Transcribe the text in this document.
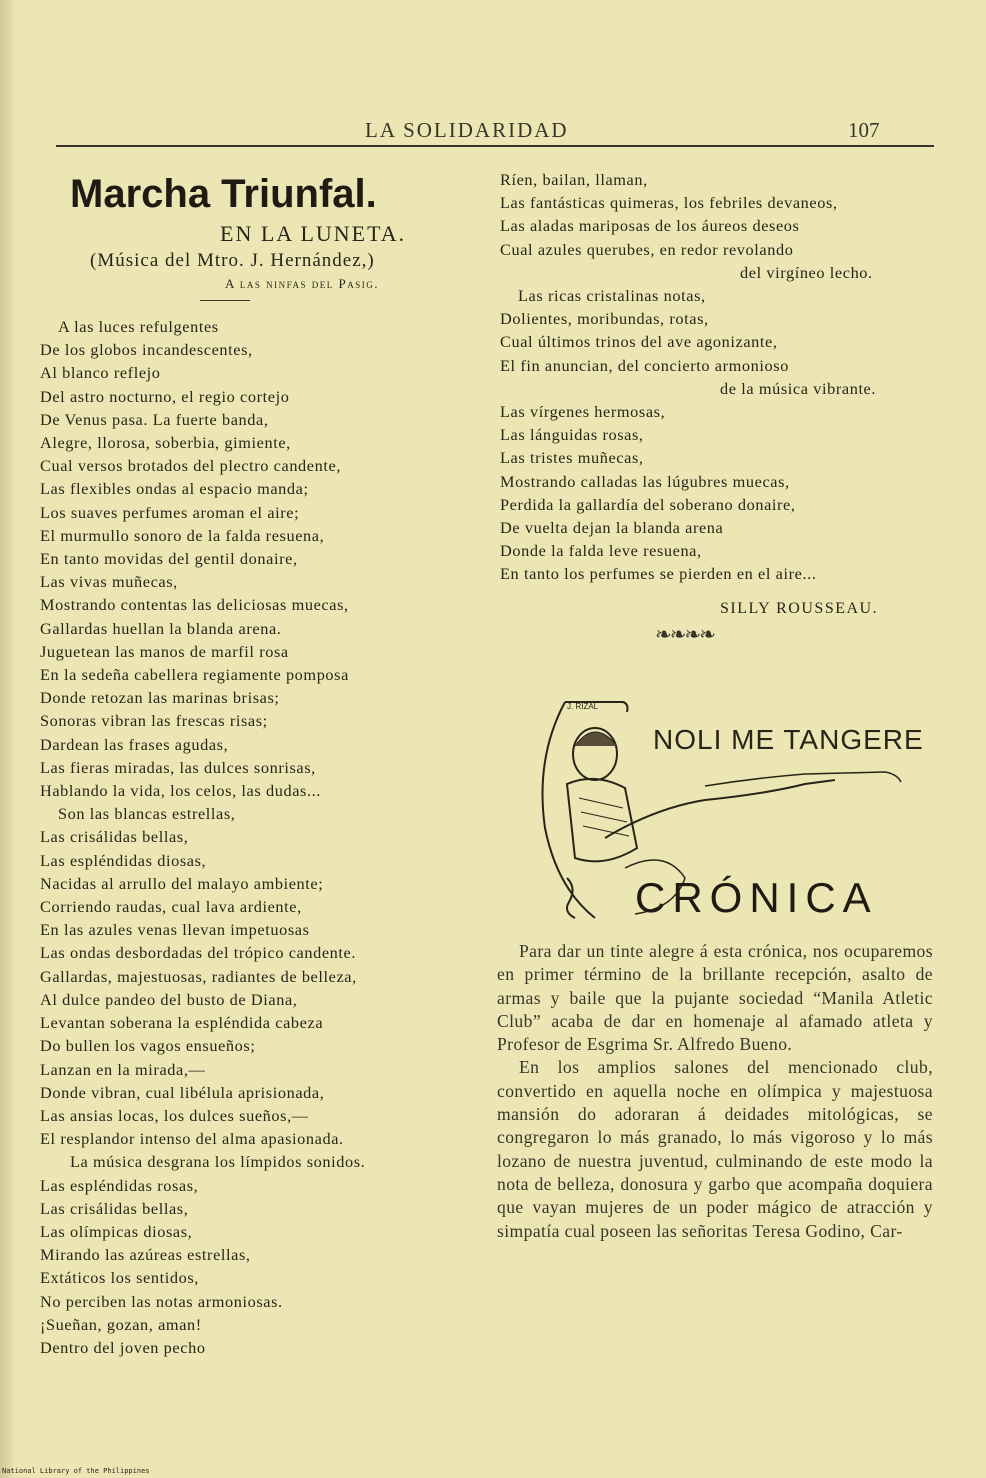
LA SOLIDARIDAD	107
Marcha Triunfal.
EN LA LUNETA.
(Música del Mtro. J. Hernández,)
A las ninfas del Pasig.
A las luces refulgentes
De los globos incandescentes,
Al blanco reflejo
Del astro nocturno, el regio cortejo
De Venus pasa. La fuerte banda,
Alegre, llorosa, soberbia, gimiente,
Cual versos brotados del plectro candente,
Las flexibles ondas al espacio manda;
Los suaves perfumes aroman el aire;
El murmullo sonoro de la falda resuena,
En tanto movidas del gentil donaire,
Las vivas muñecas,
Mostrando contentas las deliciosas muecas,
Gallardas huellan la blanda arena.
Juguetean las manos de marfil rosa
En la sedeña cabellera regiamente pomposa
Donde retozan las marinas brisas;
Sonoras vibran las frescas risas;
Dardean las frases agudas,
Las fieras miradas, las dulces sonrisas,
Hablando la vida, los celos, las dudas...
Son las blancas estrellas,
Las crisálidas bellas,
Las espléndidas diosas,
Nacidas al arrullo del malayo ambiente;
Corriendo raudas, cual lava ardiente,
En las azules venas llevan impetuosas
Las ondas desbordadas del trópico candente.
Gallardas, majestuosas, radiantes de belleza,
Al dulce pandeo del busto de Diana,
Levantan soberana la espléndida cabeza
Do bullen los vagos ensueños;
Lanzan en la mirada,—
Donde vibran, cual libélula aprisionada,
Las ansias locas, los dulces sueños,—
El resplandor intenso del alma apasionada.
La música desgrana los límpidos sonidos.
Las espléndidas rosas,
Las crisálidas bellas,
Las olímpicas diosas,
Mirando las azúreas estrellas,
Extáticos los sentidos,
No perciben las notas armoniosas.
¡Sueñan, gozan, aman!
Dentro del joven pecho
Ríen, bailan, llaman,
Las fantásticas quimeras, los febriles devaneos,
Las aladas mariposas de los áureos deseos
Cual azules querubes, en redor revolando
del virgíneo lecho.
Las ricas cristalinas notas,
Dolientes, moribundas, rotas,
Cual últimos trinos del ave agonizante,
El fin anuncian, del concierto armonioso
de la música vibrante.
Las vírgenes hermosas,
Las lánguidas rosas,
Las tristes muñecas,
Mostrando calladas las lúgubres muecas,
Perdida la gallardía del soberano donaire,
De vuelta dejan la blanda arena
Donde la falda leve resuena,
En tanto los perfumes se pierden en el aire...
SILLY ROUSSEAU.
❧❧❧❧
J. RIZAL
NOLI ME TANGERE
CRÓNICA

Para dar un tinte alegre á esta crónica, nos ocuparemos en primer término de la brillante recepción, asalto de armas y baile que la pujante sociedad “Manila Atletic Club” acaba de dar en homenaje al afamado atleta y Profesor de Esgrima Sr. Alfredo Bueno.

En los amplios salones del mencionado club, convertido en aquella noche en olímpica y majestuosa mansión do adoraran á deidades mitológicas, se congregaron lo más granado, lo más vigoroso y lo más lozano de nuestra juventud, culminando de este modo la nota de belleza, donosura y garbo que acompaña doquiera que vayan mujeres de un poder mágico de atracción y simpatía cual poseen las señoritas Teresa Godino, Car-

National Library of the Philippines
